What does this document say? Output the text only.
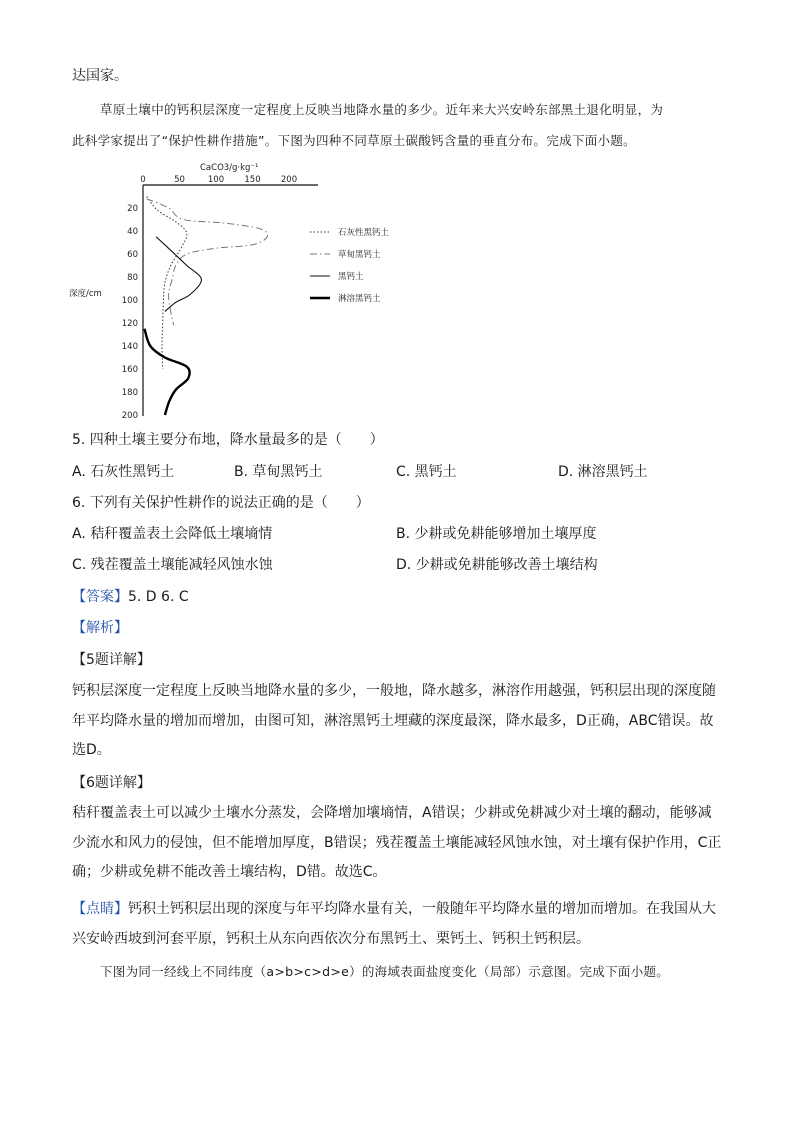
达国家。
草原土壤中的钙积层深度一定程度上反映当地降水量的多少。近年来大兴安岭东部黑土退化明显，为
此科学家提出了“保护性耕作措施”。下图为四种不同草原土碳酸钙含量的垂直分布。完成下面小题。
CaCO3/g·kg⁻¹
深度/cm
0	50	100 150 200
20
40
60
80
100
120
140
160
180
200
石灰性黑钙土
草甸黑钙土
黑钙土
淋溶黑钙土
5. 四种土壤主要分布地，降水量最多的是（　　）
A. 石灰性黑钙土	B. 草甸黑钙土	C. 黑钙土	D. 淋溶黑钙土
6. 下列有关保护性耕作的说法正确的是（　　）
A. 秸秆覆盖表土会降低土壤墒情	B. 少耕或免耕能够增加土壤厚度
C. 残茬覆盖土壤能减轻风蚀水蚀	D. 少耕或免耕能够改善土壤结构
【答案】5. D 6. C
【解析】
【5题详解】
钙积层深度一定程度上反映当地降水量的多少，一般地，降水越多，淋溶作用越强，钙积层出现的深度随年平均降水量的增加而增加，由图可知，淋溶黑钙土埋藏的深度最深，降水最多，D正确，ABC错误。故选D。
【6题详解】
秸秆覆盖表土可以减少土壤水分蒸发，会降增加壤墒情，A错误；少耕或免耕减少对土壤的翻动，能够减少流水和风力的侵蚀，但不能增加厚度，B错误；残茬覆盖土壤能减轻风蚀水蚀，对土壤有保护作用，C正确；少耕或免耕不能改善土壤结构，D错。故选C。
【点睛】钙积土钙积层出现的深度与年平均降水量有关，一般随年平均降水量的增加而增加。在我国从大兴安岭西坡到河套平原，钙积土从东向西依次分布黑钙土、栗钙土、钙积土钙积层。
下图为同一经线上不同纬度（a>b>c>d>e）的海域表面盐度变化（局部）示意图。完成下面小题。
